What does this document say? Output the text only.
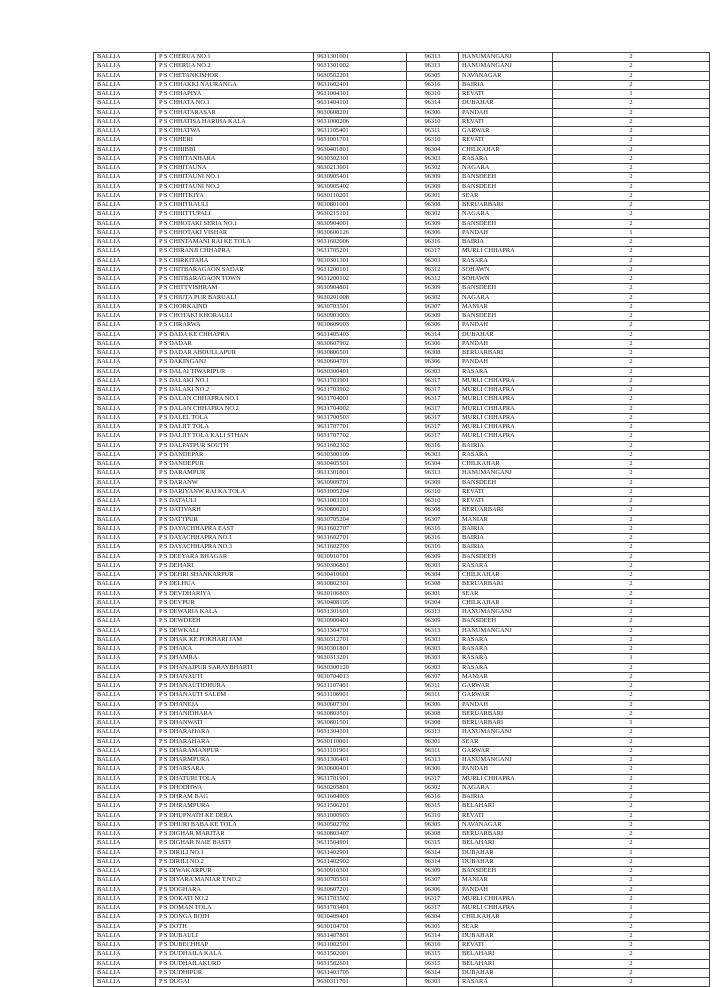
BALLIA	P S CHERUA NO.1	9631301001	96313	HANUMANGANJ	2
BALLIA	P S CHERUA NO.2	9631301002	96313	HANUMANGANJ	2
BALLIA	P S CHETANKISHOR	9630502201	96305	NAVANAGAR	2
BALLIA	P S CHHAKKI NAURANGA	9631602401	96316	BAIRIA	2
BALLIA	P S CHHAPIYA	9631004301	96310	REVATI	1
BALLIA	P S CHHATA NO.1	9631404101	96314	DUBAHAR	2
BALLIA	P S CHHATARASAR	9630608201	96306	PANDAH	2
BALLIA	P S CHHATISA HARIHA KALA	9631000206	96310	REVATI	2
BALLIA	P S CHHATWA	9631105401	96311	GARWAR	2
BALLIA	P S CHHERI	9631001701	96310	REVATI	2
BALLIA	P S CHHIBBI	9630401801	96304	CHILKAHAR	2
BALLIA	P S CHHITANHARA	9630302301	96303	RASARA	2
BALLIA	P S CHHITAUNA	9630213001	96302	NAGARA	2
BALLIA	P S CHHITAUNI NO.1	9630905401	96309	BANSDEEH	2
BALLIA	P S CHHITAUNI NO.2	9630905402	96309	BANSDEEH	2
BALLIA	P S CHHITKIYA	9630110201	96301	SEAR	2
BALLIA	P S CHHITRAULI	9630801001	96308	BERUARBARI	2
BALLIA	P S CHHITTUPALI	9630215101	96302	NAGARA	2
BALLIA	P S CHHOTAKI SERIA NO.1	9630904001	96309	BANSDEEH	2
BALLIA	P S CHHOTAKI VISHAR	9630600126	96306	PANDAH	1
BALLIA	P S CHINTAMANI RAI KE TOLA	9631602006	96316	BAIRIA	2
BALLIA	P S CHIRANJI CHHAPRA	9631705201	96317	MURLI CHHAPRA	2
BALLIA	P S CHIRKITAHA	9630301301	96303	RASARA	2
BALLIA	P S CHITBARAGAON SADAR	9631200101	96312	SOHAWN	2
BALLIA	P S CHITBARAGAON TOWN	9631200102	96312	SOHAWN	2
BALLIA	P S CHITTVISHRAM	9630904801	96309	BANSDEEH	2
BALLIA	P S CHIUTA PUR BARUALI	9630201008	96302	NAGARA	2
BALLIA	P S CHORKAIND	9630703501	96307	MANIAR	2
BALLIA	P S CHOTAKI KHORAULI	9630903003	96309	BANSDEEH	2
BALLIA	P S CHRARWA	9630609003	96306	PANDAH	2
BALLIA	P S DADA KE CHHAPRA	9631405403	96314	DUBAHAR	2
BALLIA	P S DADAR	9630607902	96306	PANDAH	2
BALLIA	P S DADAR ABDULLAPUR	9630806501	96308	BERUARBARI	2
BALLIA	P S DAKINGANJ	9630604701	96306	PANDAH	2
BALLIA	P S DALAI TIWARIPUR	9630300401	96303	RASARA	2
BALLIA	P S DALAKI NO.1	9631703901	96317	MURLI CHHAPRA	2
BALLIA	P S DALAKI NO.2	9631703902	96317	MURLI CHHAPRA	2
BALLIA	P S DALAN CHHAPRA NO.1	9631704001	96317	MURLI CHHAPRA	2
BALLIA	P S DALAN CHHAPRA NO.2	9631704002	96317	MURLI CHHAPRA	2
BALLIA	P S DALEL TOLA	9631700503	96317	MURLI CHHAPRA	2
BALLIA	P S DALJIT TOLA	9631707701	96317	MURLI CHHAPRA	2
BALLIA	P S DALJIT TOLA KALI STHAN	9631707702	96317	MURLI CHHAPRA	2
BALLIA	P S DALPATPUR SOUTH	9631602302	96316	BAIRIA	2
BALLIA	P S DANDEPAR	9630300109	96303	RASARA	2
BALLIA	P S DANDEPUR	9630405501	96304	CHILKAHAR	2
BALLIA	P S DARAMPUR	9631301801	96313	HANUMANGANJ	2
BALLIA	P S DARANW	9630909701	96309	BANSDEEH	2
BALLIA	P S DARIYANW RAI KA TOLA	9631005204	96310	REVATI	2
BALLIA	P S DATAULI	9631003101	96310	REVATI	2
BALLIA	P S DATIVARH	9630800201	96308	BERUARBARI	2
BALLIA	P S DATTPUR	9630705204	96307	MANIAR	2
BALLIA	P S DAYACHHAPRA EAST	9631602707	96316	BAIRIA	2
BALLIA	P S DAYACHHAPRA NO.1	9631602701	96316	BAIRIA	2
BALLIA	P S DAYACHHAPRA NO.3	9631602703	96316	BAIRIA	2
BALLIA	P S DEEYARA BHAGAR	9630910701	96309	BANSDEEH	2
BALLIA	P S DEHARI	9630306801	96303	RASARA	2
BALLIA	P S DEHRI SHANKARPUR	9630410601	96304	CHILKAHAR	2
BALLIA	P S DELHUA	9630802301	96308	BERUARBARI	2
BALLIA	P S DEVDHARIYA	9630106803	96301	SEAR	2
BALLIA	P S DEVPUR	9630408105	96304	CHILKAHAR	2
BALLIA	P S DEWARIA KALA	9631301601	96313	HANUMANGANJ	2
BALLIA	P S DEWDEEH	9630900401	96309	BANSDEEH	2
BALLIA	P S DEWKALI	9631304701	96313	HANUMANGANJ	2
BALLIA	P S DHAK KE POKHARI JAM	9630312701	96303	RASARA	2
BALLIA	P S DHAKA	9630301801	96303	RASARA	2
BALLIA	P S DHAMRA	9630313201	96303	RASARA	1
BALLIA	P S DHANAIPUR SARAYBHARTI	9630300120	96303	RASARA	2
BALLIA	P S DHANAUTI	9630704013	96307	MANIAR	2
BALLIA	P S DHANAUTIDHURA	9631107401	96311	GARWAR	2
BALLIA	P S DHANAUTI SALEM	9631106901	96311	GARWAR	2
BALLIA	P S DHANEJA	9630607301	96306	PANDAH	2
BALLIA	P S DHANIDHARA	9630803501	96308	BERUARBARI	2
BALLIA	P S DHANWATI	9630801501	96308	BERUARBARI	1
BALLIA	P S DHARAHARA	9631304101	96313	HANUMANGANJ	2
BALLIA	P S DHARAHARA	9630110001	96301	SEAR	2
BALLIA	P S DHARAMANPUR	9631101901	96311	GARWAR	2
BALLIA	P S DHARMPURA	9631306401	96313	HANUMANGANJ	2
BALLIA	P S DHARSARA	9630600401	96306	PANDAH	2
BALLIA	P S DHATURI TOLA	9631701901	96317	MURLI CHHAPRA	2
BALLIA	P S DHODHWA	9630205801	96302	NAGARA	2
BALLIA	P S DHRAM BAG	9631604903	96316	BAIRIA	2
BALLIA	P S DHRAMPURA	9631506201	96315	BELAHARI	2
BALLIA	P S DHUPNATH KE DERA	9631000903	96310	REVATI	2
BALLIA	P S DHURI BABA KE TOLA	9630502702	96305	NAVANAGAR	2
BALLIA	P S DIGHAR MARITAR	9630803407	96308	BERUARBARI	2
BALLIA	P S DIGHAR NAIE BASTI	9631504901	96315	BELAHARI	2
BALLIA	P S DIRILI NO.1	9631402901	96314	DUBAHAR	1
BALLIA	P S DIRILI NO.2	9631402902	96314	DUBAHAR	2
BALLIA	P S DIWAKARPUR	9630910301	96309	BANSDEEH	2
BALLIA	P S DIYARA MANIAR T.NO.2	9630705501	96307	MANIAR	2
BALLIA	P S DOGHARA	9630607201	96306	PANDAH	2
BALLIA	P S DOKATI NO.2	9631703502	96317	MURLI CHHAPRA	2
BALLIA	P S DOMAN TOLA	9631703401	96317	MURLI CHHAPRA	1
BALLIA	P S DONGA BOJH	9630409401	96304	CHILKAHAR	2
BALLIA	P S DOTH	9630104701	96301	SEAR	2
BALLIA	P S DUBAULI	9631407801	96314	DUBAHAR	2
BALLIA	P S DUBECHHAP	9631002501	96310	REVATI	2
BALLIA	P S DUDHAILA KALA	9631502001	96315	BELAHARI	2
BALLIA	P S DUDHAILAKURD	9631502601	96315	BELAHARI	2
BALLIA	P S DUDHIPUR	9631403705	96314	DUBAHAR	2
BALLIA	P S DUGAI	9630311701	96303	RASARA	2
